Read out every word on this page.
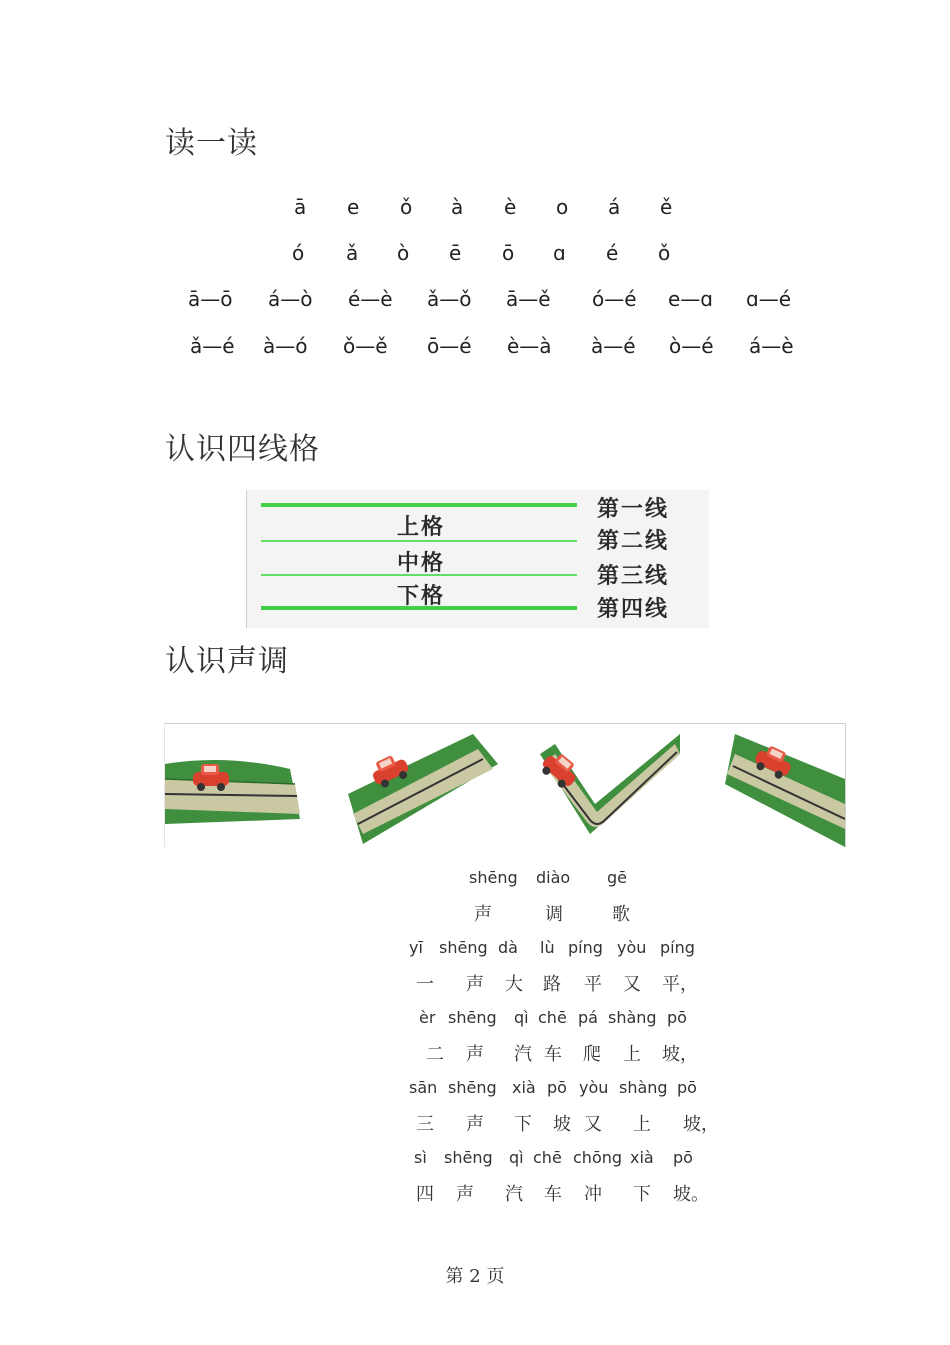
读一读
ā e ǒ à è o á ě
ó ǎ ò ē ō ɑ é ǒ
ā—ō á—ò é—è ǎ—ǒ ā—ě ó—é e—ɑ ɑ—é
ǎ—é à—ó ǒ—ě ō—é è—à à—é ò—é á—è
认识四线格
上格
中格
下格
第一线
第二线
第三线
第四线
认识声调
shēng diào gē
声	调	歌
yī shēng dà lù píng yòu píng
一 声 大 路 平 又 平，
èr shēng qì chē pá shàng pō
二 声 汽 车 爬 上 坡，
sān shēng xià pō yòu shàng pō
三 声 下 坡 又 上 坡，
sì shēng qì chē chōng xià pō
四 声 汽 车 冲 下 坡。
第 2 页
